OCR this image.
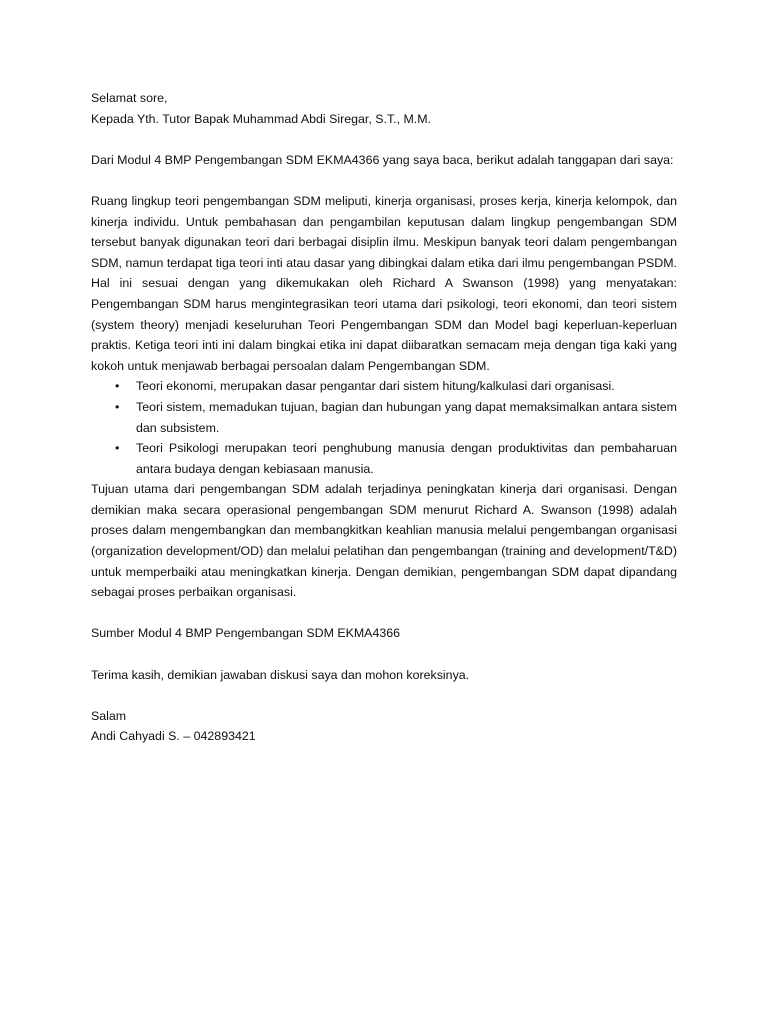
Selamat sore,
Kepada Yth. Tutor Bapak Muhammad Abdi Siregar, S.T., M.M.
Dari Modul 4 BMP Pengembangan SDM EKMA4366 yang saya baca, berikut adalah tanggapan dari saya:
Ruang lingkup teori pengembangan SDM meliputi, kinerja organisasi, proses kerja, kinerja kelompok, dan kinerja individu. Untuk pembahasan dan pengambilan keputusan dalam lingkup pengembangan SDM tersebut banyak digunakan teori dari berbagai disiplin ilmu. Meskipun banyak teori dalam pengembangan SDM, namun terdapat tiga teori inti atau dasar yang dibingkai dalam etika dari ilmu pengembangan PSDM. Hal ini sesuai dengan yang dikemukakan oleh Richard A Swanson (1998) yang menyatakan: Pengembangan SDM harus mengintegrasikan teori utama dari psikologi, teori ekonomi, dan teori sistem (system theory) menjadi keseluruhan Teori Pengembangan SDM dan Model bagi keperluan-keperluan praktis. Ketiga teori inti ini dalam bingkai etika ini dapat diibaratkan semacam meja dengan tiga kaki yang kokoh untuk menjawab berbagai persoalan dalam Pengembangan SDM.
• Teori ekonomi, merupakan dasar pengantar dari sistem hitung/kalkulasi dari organisasi.
• Teori sistem, memadukan tujuan, bagian dan hubungan yang dapat memaksimalkan antara sistem dan subsistem.
• Teori Psikologi merupakan teori penghubung manusia dengan produktivitas dan pembaharuan antara budaya dengan kebiasaan manusia.
Tujuan utama dari pengembangan SDM adalah terjadinya peningkatan kinerja dari organisasi. Dengan demikian maka secara operasional pengembangan SDM menurut Richard A. Swanson (1998) adalah proses dalam mengembangkan dan membangkitkan keahlian manusia melalui pengembangan organisasi (organization development/OD) dan melalui pelatihan dan pengembangan (training and development/T&D) untuk memperbaiki atau meningkatkan kinerja. Dengan demikian, pengembangan SDM dapat dipandang sebagai proses perbaikan organisasi.
Sumber Modul 4 BMP Pengembangan SDM EKMA4366
Terima kasih, demikian jawaban diskusi saya dan mohon koreksinya.
Salam
Andi Cahyadi S. – 042893421
